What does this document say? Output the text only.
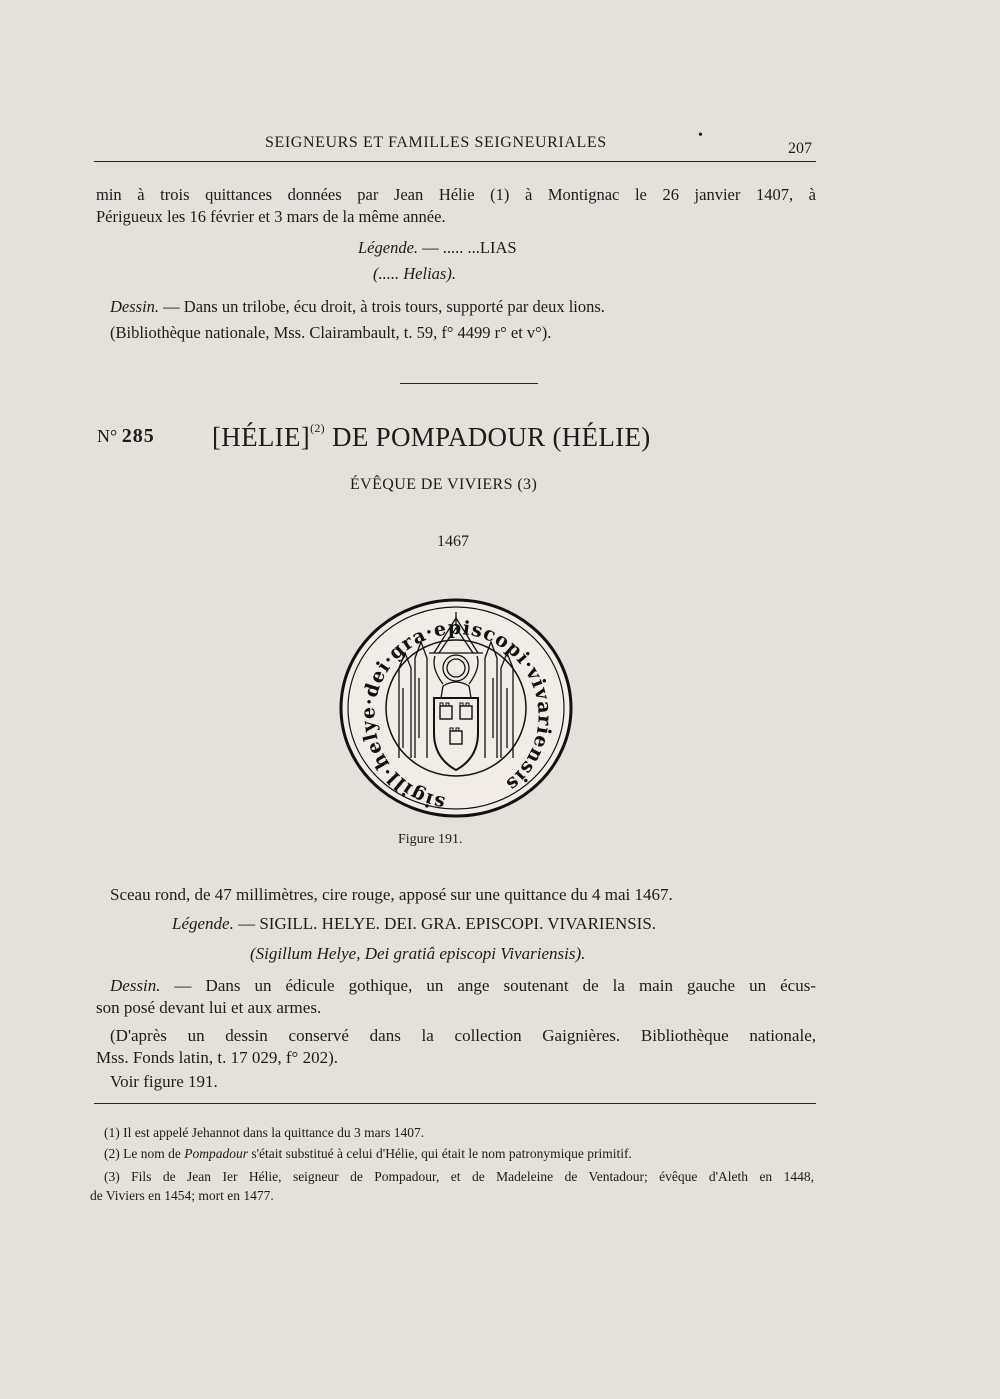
SEIGNEURS ET FAMILLES SEIGNEURIALES	•
207
min à trois quittances données par Jean Hélie (1) à Montignac le 26 janvier 1407, à
Périgueux les 16 février et 3 mars de la même année.
Légende. — ..... ...LIAS
(..... Helias).
Dessin. — Dans un trilobe, écu droit, à trois tours, supporté par deux lions.
(Bibliothèque nationale, Mss. Clairambault, t. 59, f° 4499 r° et v°).
N° 285 [HÉLIE]$^{(2)}$ DE POMPADOUR (HÉLIE)
ÉVÊQUE DE VIVIERS (3)
1467
sigill·helye·dei·gra·episcopi·vivariensis
Figure 191.
Sceau rond, de 47 millimètres, cire rouge, apposé sur une quittance du 4 mai 1467.
Légende. — SIGILL. HELYE. DEI. GRA. EPISCOPI. VIVARIENSIS.
(Sigillum Helye, Dei gratiâ episcopi Vivariensis).
Dessin. — Dans un édicule gothique, un ange soutenant de la main gauche un écus-
son posé devant lui et aux armes.
(D'après un dessin conservé dans la collection Gaignières. Bibliothèque nationale,
Mss. Fonds latin, t. 17 029, f° 202).
Voir figure 191.
(1) Il est appelé Jehannot dans la quittance du 3 mars 1407.
(2) Le nom de Pompadour s'était substitué à celui d'Hélie, qui était le nom patronymique primitif.
(3) Fils de Jean Ier Hélie, seigneur de Pompadour, et de Madeleine de Ventadour; évêque d'Aleth en 1448,
de Viviers en 1454; mort en 1477.
